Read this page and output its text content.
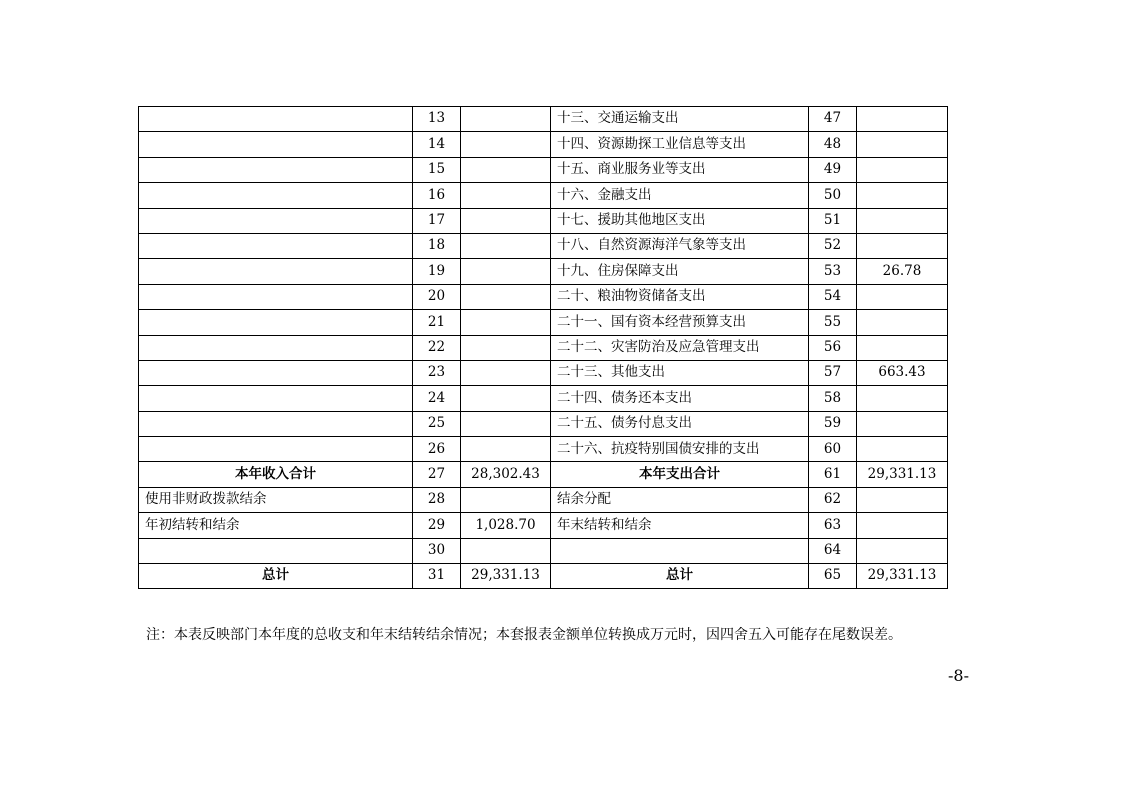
	13		十三、交通运输支出	47	
	14		十四、资源勘探工业信息等支出	48	
	15		十五、商业服务业等支出	49	
	16		十六、金融支出	50	
	17		十七、援助其他地区支出	51	
	18		十八、自然资源海洋气象等支出	52	
	19		十九、住房保障支出	53	26.78
	20		二十、粮油物资储备支出	54	
	21		二十一、国有资本经营预算支出	55	
	22		二十二、灾害防治及应急管理支出	56	
	23		二十三、其他支出	57	663.43
	24		二十四、债务还本支出	58	
	25		二十五、债务付息支出	59	
	26		二十六、抗疫特别国债安排的支出	60	
本年收入合计	27	28,302.43	本年支出合计	61	29,331.13
使用非财政拨款结余	28		结余分配	62	
年初结转和结余	29	1,028.70	年末结转和结余	63	
	30			64	
总计	31	29,331.13	总计	65	29,331.13
注：本表反映部门本年度的总收支和年末结转结余情况；本套报表金额单位转换成万元时，因四舍五入可能存在尾数误差。
-8-
